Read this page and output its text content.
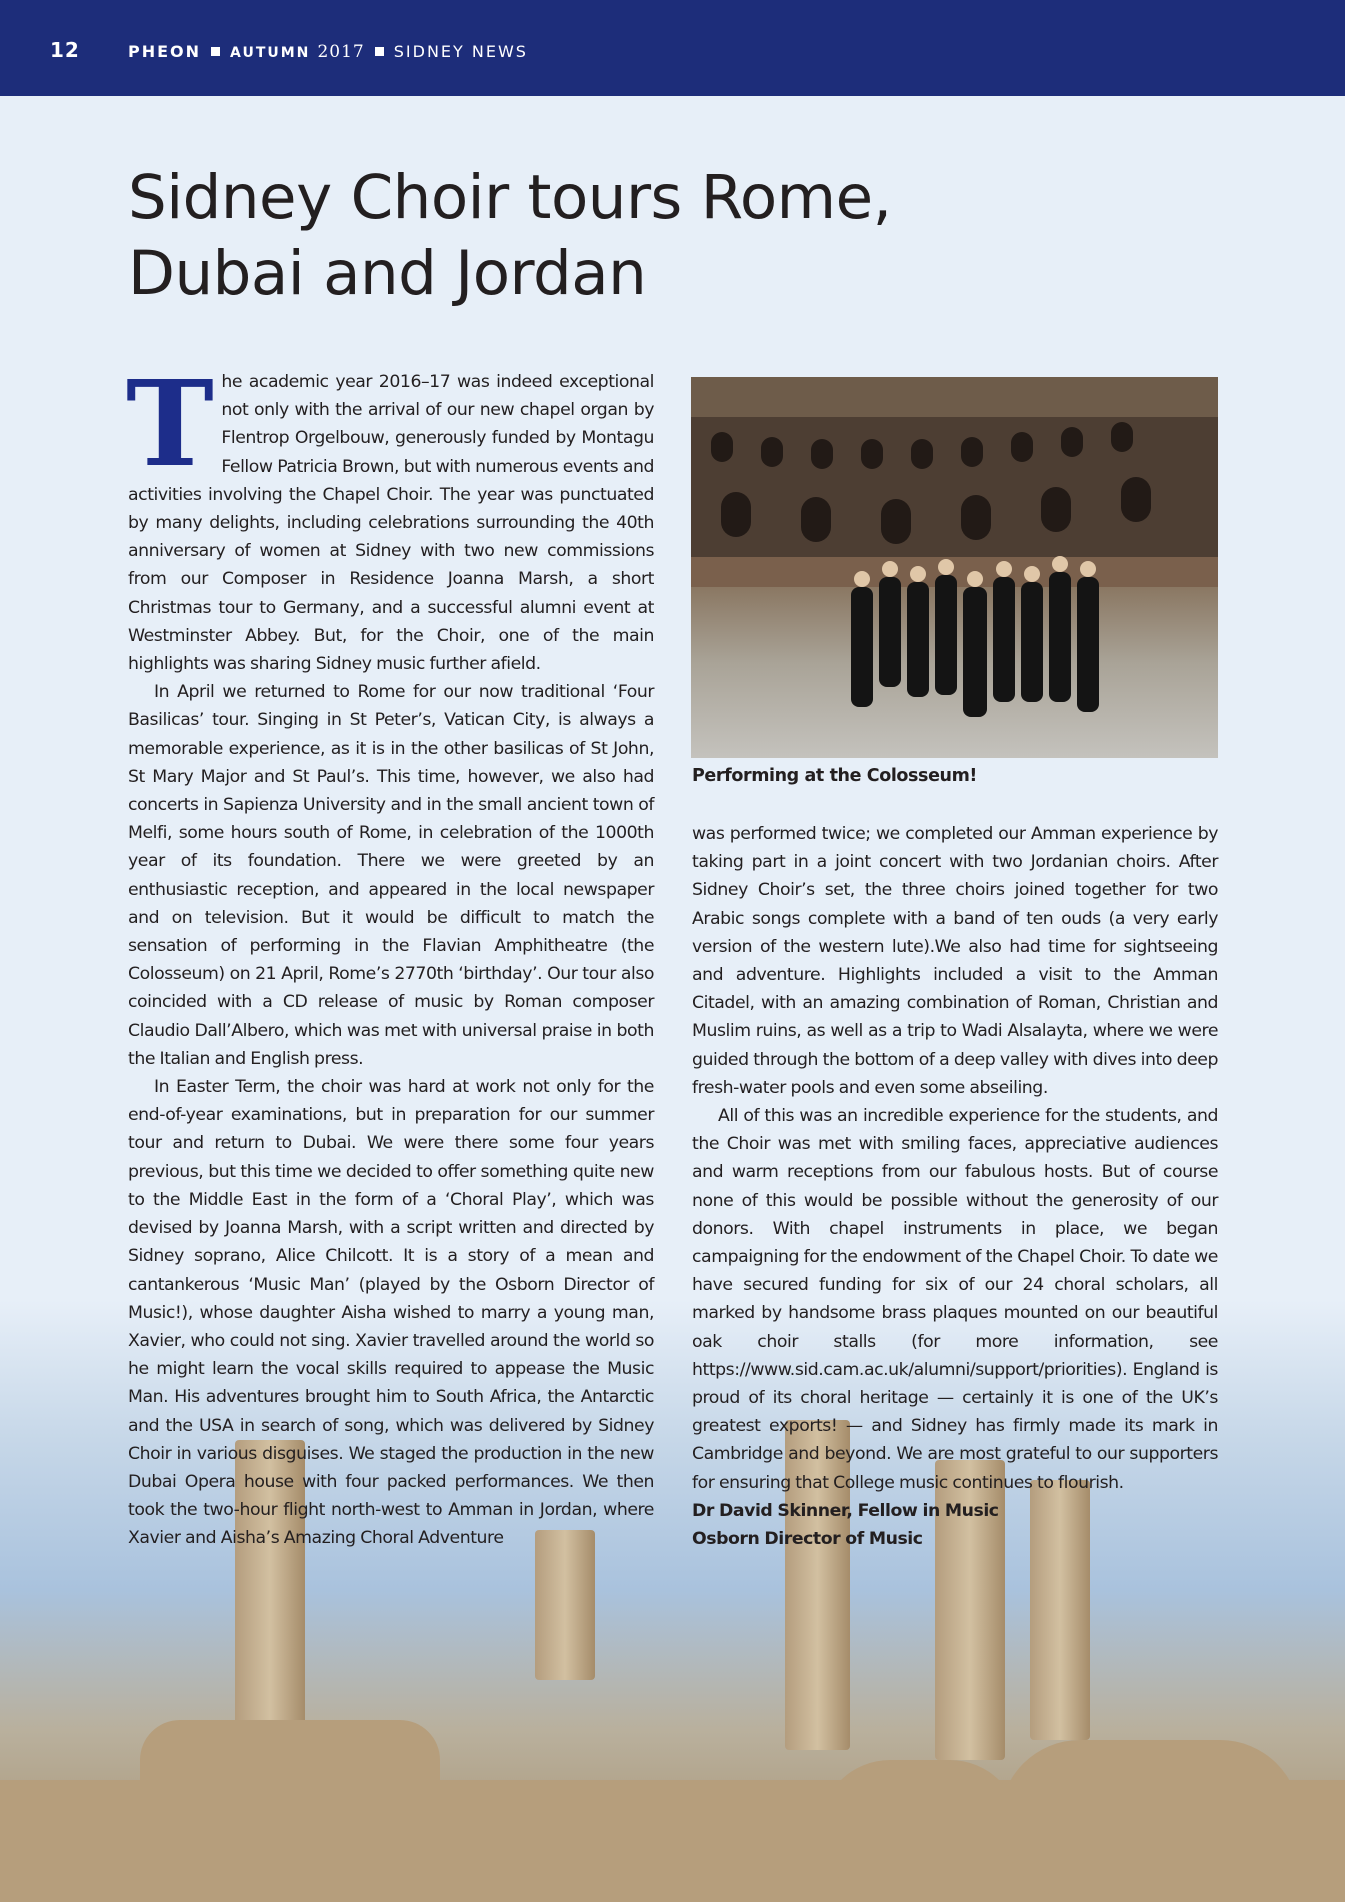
12	PHEON AUTUMN 2017 SIDNEY NEWS
Sidney Choir tours Rome,
Dubai and Jordan

The academic year 2016–17 was indeed exceptional not only with the arrival of our new chapel organ by Flentrop Orgelbouw, generously funded by Montagu Fellow Patricia Brown, but with numerous events and activities involving the Chapel Choir. The year was punctuated by many delights, including celebrations surrounding the 40th anniversary of women at Sidney with two new commissions from our Composer in Residence Joanna Marsh, a short Christmas tour to Germany, and a successful alumni event at Westminster Abbey. But, for the Choir, one of the main highlights was sharing Sidney music further afield.

In April we returned to Rome for our now traditional ‘Four Basilicas’ tour. Singing in St Peter’s, Vatican City, is always a memorable experience, as it is in the other basilicas of St John, St Mary Major and St Paul’s. This time, however, we also had concerts in Sapienza University and in the small ancient town of Melfi, some hours south of Rome, in celebration of the 1000th year of its foundation. There we were greeted by an enthusiastic reception, and appeared in the local newspaper and on television. But it would be difficult to match the sensation of performing in the Flavian Amphitheatre (the Colosseum) on 21 April, Rome’s 2770th ‘birthday’. Our tour also coincided with a CD release of music by Roman composer Claudio Dall’Albero, which was met with universal praise in both the Italian and English press.

In Easter Term, the choir was hard at work not only for the end-of-year examinations, but in preparation for our summer tour and return to Dubai. We were there some four years previous, but this time we decided to offer something quite new to the Middle East in the form of a ‘Choral Play’, which was devised by Joanna Marsh, with a script written and directed by Sidney soprano, Alice Chilcott. It is a story of a mean and cantankerous ‘Music Man’ (played by the Osborn Director of Music!), whose daughter Aisha wished to marry a young man, Xavier, who could not sing. Xavier travelled around the world so he might learn the vocal skills required to appease the Music Man. His adventures brought him to South Africa, the Antarctic and the USA in search of song, which was delivered by Sidney Choir in various disguises. We staged the production in the new Dubai Opera house with four packed performances. We then took the two-hour flight north-west to Amman in Jordan, where Xavier and Aisha’s Amazing Choral Adventure

Performing at the Colosseum!

was performed twice; we completed our Amman experience by taking part in a joint concert with two Jordanian choirs. After Sidney Choir’s set, the three choirs joined together for two Arabic songs complete with a band of ten ouds (a very early version of the western lute).We also had time for sightseeing and adventure. Highlights included a visit to the Amman Citadel, with an amazing combination of Roman, Christian and Muslim ruins, as well as a trip to Wadi Alsalayta, where we were guided through the bottom of a deep valley with dives into deep fresh-water pools and even some abseiling.

All of this was an incredible experience for the students, and the Choir was met with smiling faces, appreciative audiences and warm receptions from our fabulous hosts. But of course none of this would be possible without the generosity of our donors. With chapel instruments in place, we began campaigning for the endowment of the Chapel Choir. To date we have secured funding for six of our 24 choral scholars, all marked by handsome brass plaques mounted on our beautiful oak choir stalls (for more information, see https://www.sid.cam.ac.uk/alumni/support/priorities). England is proud of its choral heritage — certainly it is one of the UK’s greatest exports! — and Sidney has firmly made its mark in Cambridge and beyond. We are most grateful to our supporters for ensuring that College music continues to flourish.

Dr David Skinner, Fellow in Music

Osborn Director of Music
